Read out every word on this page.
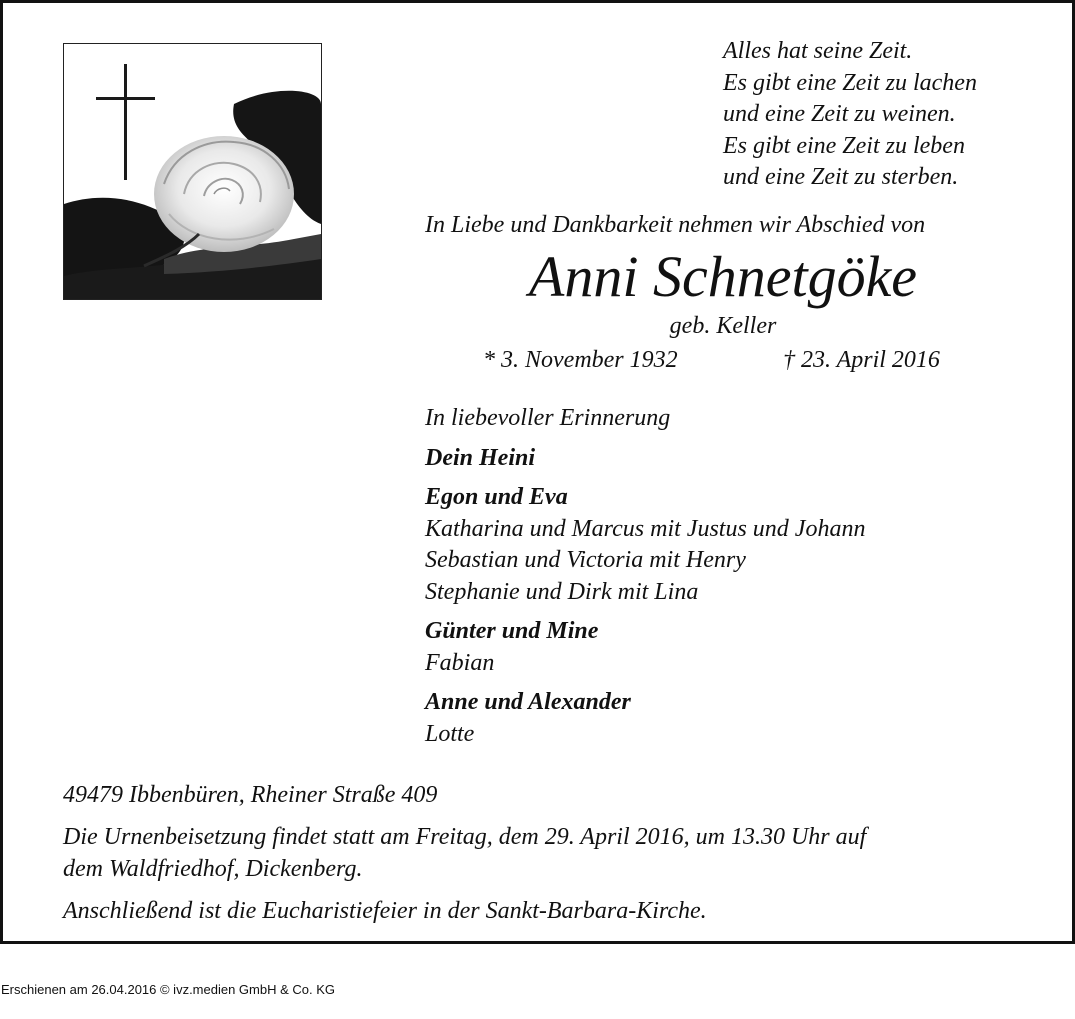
Alles hat seine Zeit.
Es gibt eine Zeit zu lachen
und eine Zeit zu weinen.
Es gibt eine Zeit zu leben
und eine Zeit zu sterben.
In Liebe und Dankbarkeit nehmen wir Abschied von
Anni Schnetgöke
geb. Keller
* 3. November 1932	† 23. April 2016
In liebevoller Erinnerung
Dein Heini
Egon und Eva
Katharina und Marcus mit Justus und Johann
Sebastian und Victoria mit Henry
Stephanie und Dirk mit Lina
Günter und Mine
Fabian
Anne und Alexander
Lotte
49479 Ibbenbüren, Rheiner Straße 409
Die Urnenbeisetzung findet statt am Freitag, dem 29. April 2016, um 13.30 Uhr auf
dem Waldfriedhof, Dickenberg.
Anschließend ist die Eucharistiefeier in der Sankt-Barbara-Kirche.
Erschienen am 26.04.2016 © ivz.medien GmbH & Co. KG
